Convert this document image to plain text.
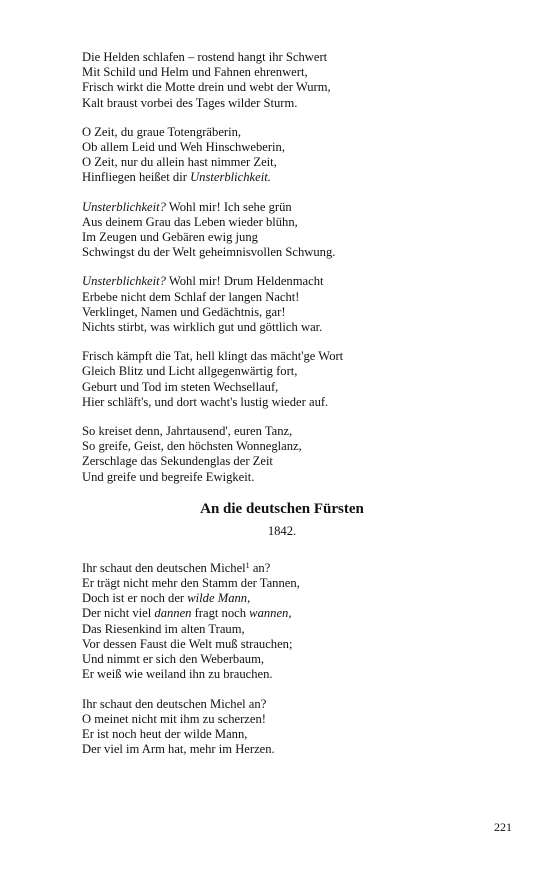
Die Helden schlafen – rostend hangt ihr Schwert
Mit Schild und Helm und Fahnen ehrenwert,
Frisch wirkt die Motte drein und webt der Wurm,
Kalt braust vorbei des Tages wilder Sturm.
O Zeit, du graue Totengräberin,
Ob allem Leid und Weh Hinschweberin,
O Zeit, nur du allein hast nimmer Zeit,
Hinfliegen heißet dir Unsterblichkeit.
Unsterblichkeit? Wohl mir! Ich sehe grün
Aus deinem Grau das Leben wieder blühn,
Im Zeugen und Gebären ewig jung
Schwingst du der Welt geheimnisvollen Schwung.
Unsterblichkeit? Wohl mir! Drum Heldenmacht
Erbebe nicht dem Schlaf der langen Nacht!
Verklinget, Namen und Gedächtnis, gar!
Nichts stirbt, was wirklich gut und göttlich war.
Frisch kämpft die Tat, hell klingt das mächt'ge Wort
Gleich Blitz und Licht allgegenwärtig fort,
Geburt und Tod im steten Wechsellauf,
Hier schläft's, und dort wacht's lustig wieder auf.
So kreiset denn, Jahrtausend', euren Tanz,
So greife, Geist, den höchsten Wonneglanz,
Zerschlage das Sekundenglas der Zeit
Und greife und begreife Ewigkeit.
An die deutschen Fürsten
1842.
Ihr schaut den deutschen Michel$^1$ an?
Er trägt nicht mehr den Stamm der Tannen,
Doch ist er noch der wilde Mann,
Der nicht viel dannen fragt noch wannen,
Das Riesenkind im alten Traum,
Vor dessen Faust die Welt muß strauchen;
Und nimmt er sich den Weberbaum,
Er weiß wie weiland ihn zu brauchen.
Ihr schaut den deutschen Michel an?
O meinet nicht mit ihm zu scherzen!
Er ist noch heut der wilde Mann,
Der viel im Arm hat, mehr im Herzen.
221
